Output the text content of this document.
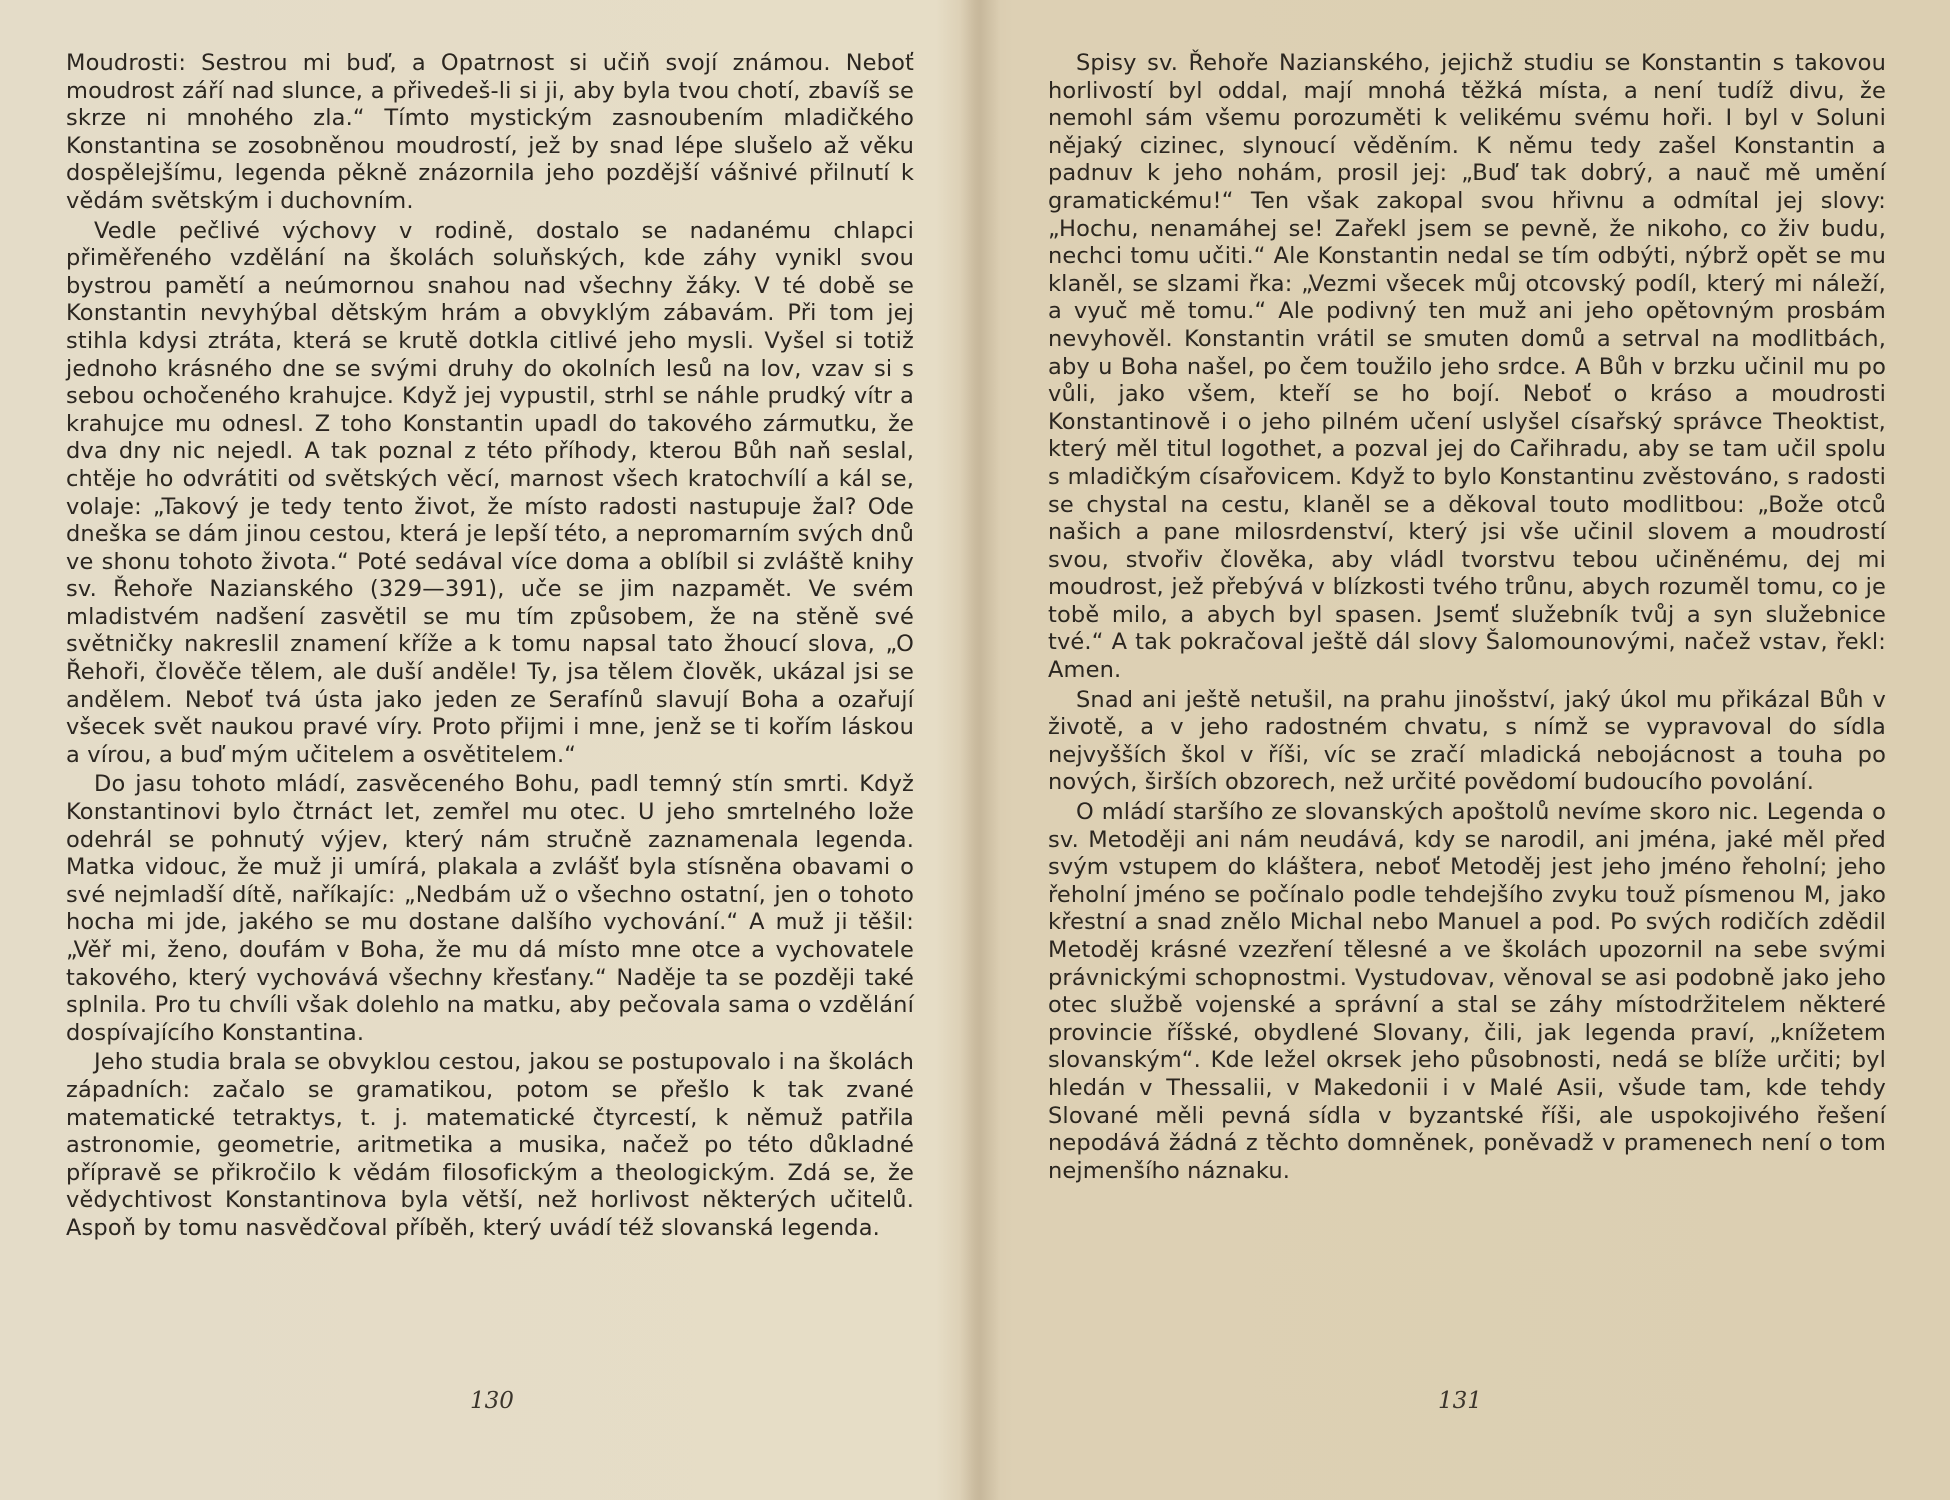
Moudrosti: Sestrou mi buď, a Opatrnost si učiň svojí známou. Neboť moudrost září nad slunce, a přivedeš-li si ji, aby byla tvou chotí, zbavíš se skrze ni mnohého zla.“ Tímto mystickým zasnoubením mladičkého Konstantina se zosobněnou moudrostí, jež by snad lépe slušelo až věku dospělejšímu, legenda pěkně znázornila jeho pozdější vášnivé přilnutí k vědám světským i duchovním.

Vedle pečlivé výchovy v rodině, dostalo se nadanému chlapci přiměřeného vzdělání na školách soluňských, kde záhy vynikl svou bystrou pamětí a neúmornou snahou nad všechny žáky. V té době se Konstantin nevyhýbal dětským hrám a obvyklým zábavám. Při tom jej stihla kdysi ztráta, která se krutě dotkla citlivé jeho mysli. Vyšel si totiž jednoho krásného dne se svými druhy do okolních lesů na lov, vzav si s sebou ochočeného krahujce. Když jej vypustil, strhl se náhle prudký vítr a krahujce mu odnesl. Z toho Konstantin upadl do takového zármutku, že dva dny nic nejedl. A tak poznal z této příhody, kterou Bůh naň seslal, chtěje ho odvrátiti od světských věcí, marnost všech kratochvílí a kál se, volaje: „Takový je tedy tento život, že místo radosti nastupuje žal? Ode dneška se dám jinou cestou, která je lepší této, a nepromarním svých dnů ve shonu tohoto života.“ Poté sedával více doma a oblíbil si zvláště knihy sv. Řehoře Nazianského (329—391), uče se jim nazpamět. Ve svém mladistvém nadšení zasvětil se mu tím způsobem, že na stěně své světničky nakreslil znamení kříže a k tomu napsal tato žhoucí slova, „O Řehoři, člověče tělem, ale duší anděle! Ty, jsa tělem člověk, ukázal jsi se andělem. Neboť tvá ústa jako jeden ze Serafínů slavují Boha a ozařují všecek svět naukou pravé víry. Proto přijmi i mne, jenž se ti kořím láskou a vírou, a buď mým učitelem a osvětitelem.“

Do jasu tohoto mládí, zasvěceného Bohu, padl temný stín smrti. Když Konstantinovi bylo čtrnáct let, zemřel mu otec. U jeho smrtelného lože odehrál se pohnutý výjev, který nám stručně zaznamenala legenda. Matka vidouc, že muž ji umírá, plakala a zvlášť byla stísněna obavami o své nejmladší dítě, naříkajíc: „Nedbám už o všechno ostatní, jen o tohoto hocha mi jde, jakého se mu dostane dalšího vychování.“ A muž ji těšil: „Věř mi, ženo, doufám v Boha, že mu dá místo mne otce a vychovatele takového, který vychovává všechny křesťany.“ Naděje ta se později také splnila. Pro tu chvíli však dolehlo na matku, aby pečovala sama o vzdělání dospívajícího Konstantina.

Jeho studia brala se obvyklou cestou, jakou se postupovalo i na školách západních: začalo se gramatikou, potom se přešlo k tak zvané matematické tetraktys, t. j. matematické čtyrcestí, k němuž patřila astronomie, geometrie, aritmetika a musika, načež po této důkladné přípravě se přikročilo k vědám filosofickým a theologickým. Zdá se, že vědychtivost Konstantinova byla větší, než horlivost některých učitelů. Aspoň by tomu nasvědčoval příběh, který uvádí též slovanská legenda.

130

Spisy sv. Řehoře Nazianského, jejichž studiu se Konstantin s takovou horlivostí byl oddal, mají mnohá těžká místa, a není tudíž divu, že nemohl sám všemu porozuměti k velikému svému hoři. I byl v Soluni nějaký cizinec, slynoucí věděním. K němu tedy zašel Konstantin a padnuv k jeho nohám, prosil jej: „Buď tak dobrý, a nauč mě umění gramatickému!“ Ten však zakopal svou hřivnu a odmítal jej slovy: „Hochu, nenamáhej se! Zařekl jsem se pevně, že nikoho, co živ budu, nechci tomu učiti.“ Ale Konstantin nedal se tím odbýti, nýbrž opět se mu klaněl, se slzami řka: „Vezmi všecek můj otcovský podíl, který mi náleží, a vyuč mě tomu.“ Ale podivný ten muž ani jeho opětovným prosbám nevyhověl. Konstantin vrátil se smuten domů a setrval na modlitbách, aby u Boha našel, po čem toužilo jeho srdce. A Bůh v brzku učinil mu po vůli, jako všem, kteří se ho bojí. Neboť o krásо a moudrosti Konstantinově i o jeho pilném učení uslyšel císařský správce Theoktist, který měl titul logothet, a pozval jej do Cařihradu, aby se tam učil spolu s mladičkým císařovicem. Když to bylo Konstantinu zvěstováno, s radosti se chystal na cestu, klaněl se a děkoval touto modlitbou: „Bože otců našich a pane milosrdenství, který jsi vše učinil slovem a moudrostí svou, stvořiv člověka, aby vládl tvorstvu tebou učiněnému, dej mi moudrost, jež přebývá v blízkosti tvého trůnu, abych rozuměl tomu, co je tobě milo, a abych byl spasen. Jsemť služebník tvůj a syn služebnice tvé.“ A tak pokračoval ještě dál slovy Šalomounovými, načež vstav, řekl: Amen.

Snad ani ještě netušil, na prahu jinošství, jaký úkol mu přikázal Bůh v životě, a v jeho radostném chvatu, s nímž se vypravoval do sídla nejvyšších škol v říši, víc se zračí mladická nebojácnost a touha po nových, širších obzorech, než určité povědomí budoucího povolání.

O mládí staršího ze slovanských apoštolů nevíme skoro nic. Legenda o sv. Metoději ani nám neudává, kdy se narodil, ani jména, jaké měl před svým vstupem do kláštera, neboť Metoděj jest jeho jméno řeholní; jeho řeholní jméno se počínalo podle tehdejšího zvyku touž písmenou M, jako křestní a snad znělo Michal nebo Manuel a pod. Po svých rodičích zdědil Metoděj krásné vzezření tělesné a ve školách upozornil na sebe svými právnickými schopnostmi. Vystudovav, věnoval se asi podobně jako jeho otec službě vojenské a správní a stal se záhy místodržitelem některé provincie říšské, obydlené Slovany, čili, jak legenda praví, „knížetem slovanským“. Kde ležel okrsek jeho působnosti, nedá se blíže určiti; byl hledán v Thessalii, v Makedonii i v Malé Asii, všude tam, kde tehdy Slované měli pevná sídla v byzantské říši, ale uspokojivého řešení nepodává žádná z těchto domněnek, poněvadž v pramenech není o tom nejmenšího náznaku.

131
